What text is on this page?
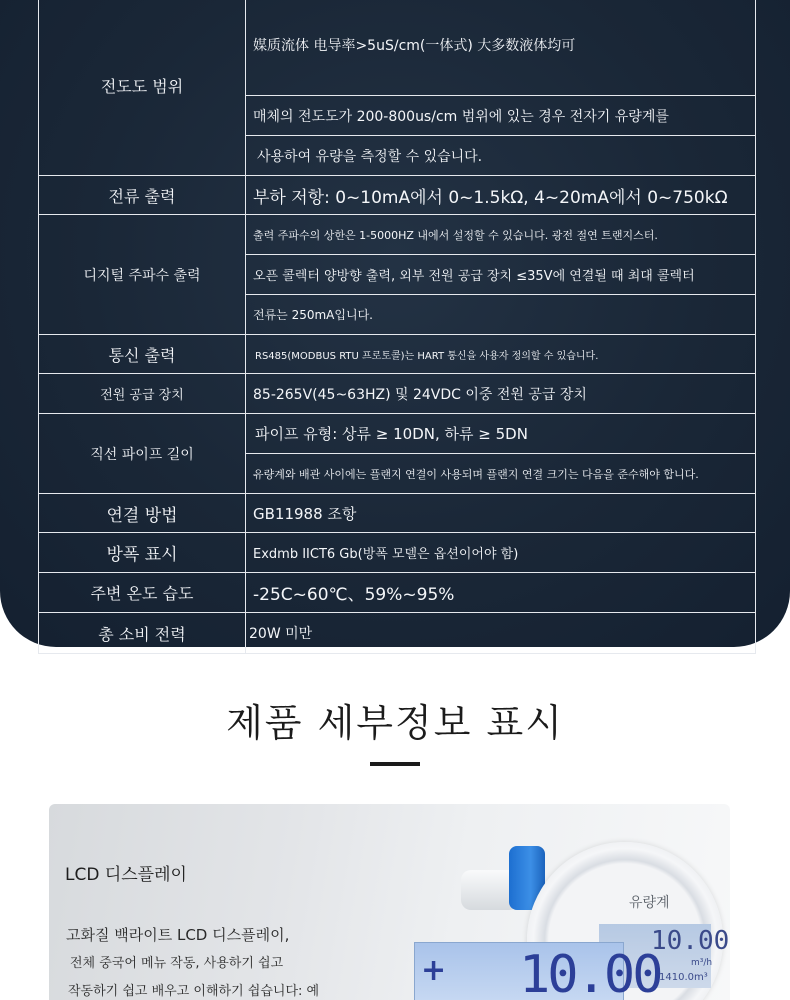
전도도 범위	媒质流体 电导率>5uS/cm(一体式) 大多数液体均可
	매체의 전도도가 200-800us/cm 범위에 있는 경우 전자기 유량계를
	사용하여 유량을 측정할 수 있습니다.
전류 출력	부하 저항: 0~10mA에서 0~1.5kΩ, 4~20mA에서 0~750kΩ
디지털 주파수 출력	출력 주파수의 상한은 1-5000HZ 내에서 설정할 수 있습니다. 광전 절연 트랜지스터.
	오픈 콜렉터 양방향 출력, 외부 전원 공급 장치 ≤35V에 연결될 때 최대 콜렉터
	전류는 250mA입니다.
통신 출력	RS485(MODBUS RTU 프로토콜)는 HART 통신을 사용자 정의할 수 있습니다.
전원 공급 장치	85-265V(45~63HZ) 및 24VDC 이중 전원 공급 장치
직선 파이프 길이	파이프 유형: 상류 ≥ 10DN, 하류 ≥ 5DN
	유량계와 배관 사이에는 플랜지 연결이 사용되며 플랜지 연결 크기는 다음을 준수해야 합니다.
연결 방법	GB11988 조항
방폭 표시	Exdmb IICT6 Gb(방폭 모델은 옵션이어야 함)
주변 온도 습도	-25C~60℃、59%~95%
총 소비 전력	20W 미만
제품 세부정보 표시
LCD 디스플레이
고화질 백라이트 LCD 디스플레이,
전체 중국어 메뉴 작동, 사용하기 쉽고
작동하기 쉽고 배우고 이해하기 쉽습니다: 예
유량계
10.00
m³/h
1410.0m³
+ 10.00
